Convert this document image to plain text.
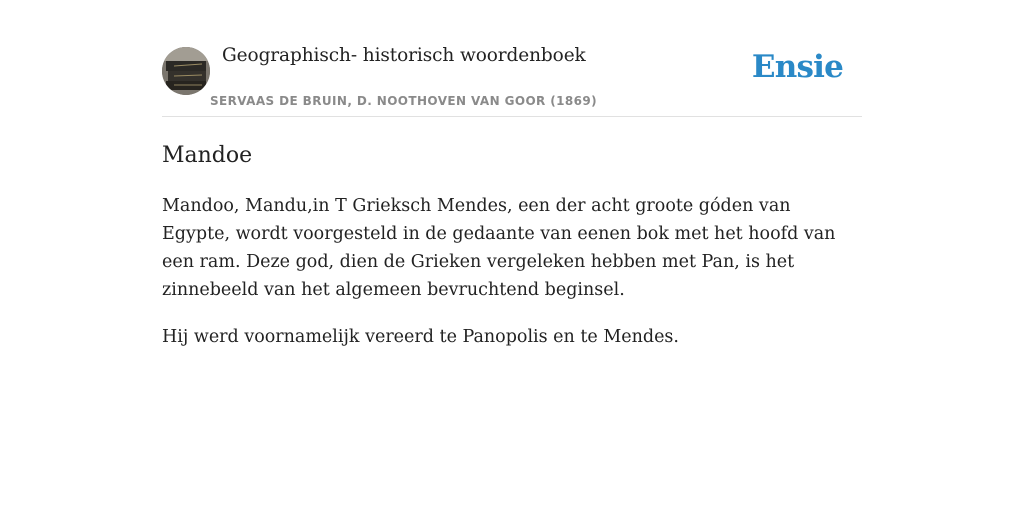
Geographisch- historisch woordenboek
SERVAAS DE BRUIN, D. NOOTHOVEN VAN GOOR (1869)
Ensie
Mandoe

Mandoo, Mandu,in T Grieksch Mendes, een der acht groote góden van Egypte, wordt voorgesteld in de gedaante van eenen bok met het hoofd van een ram. Deze god, dien de Grieken vergeleken hebben met Pan, is het zinnebeeld van het algemeen bevruchtend beginsel.

Hij werd voornamelijk vereerd te Panopolis en te Mendes.
